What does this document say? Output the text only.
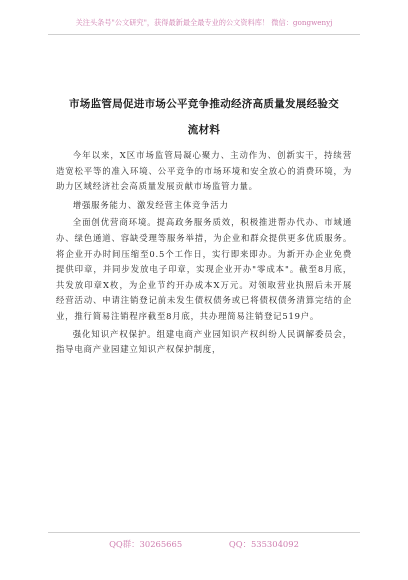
关注头条号"公文研究"，获得最新最全最专业的公文资料库！ 微信：gongwenyj
市场监管局促进市场公平竞争推动经济高质量发展经验交
流材料

今年以来，X区市场监管局凝心聚力、主动作为、创新实干，持续营造宽松平等的准入环境、公平竞争的市场环境和安全放心的消费环境，为助力区域经济社会高质量发展贡献市场监管力量。

增强服务能力、激发经营主体竞争活力

全面创优营商环境。提高政务服务质效，积极推进帮办代办、市域通办、绿色通道、容缺受理等服务举措，为企业和群众提供更多优质服务。将企业开办时间压缩至0.5个工作日，实行即来即办。为新开办企业免费提供印章，并同步发放电子印章，实现企业开办"零成本"。截至8月底，共发放印章X枚，为企业节约开办成本X万元。对领取营业执照后未开展经营活动、申请注销登记前未发生债权债务或已将债权债务清算完结的企业，推行简易注销程序截至8月底，共办理简易注销登记519户。

强化知识产权保护。组建电商产业园知识产权纠纷人民调解委员会，指导电商产业园建立知识产权保护制度，

QQ群：30265665	QQ：535304092
